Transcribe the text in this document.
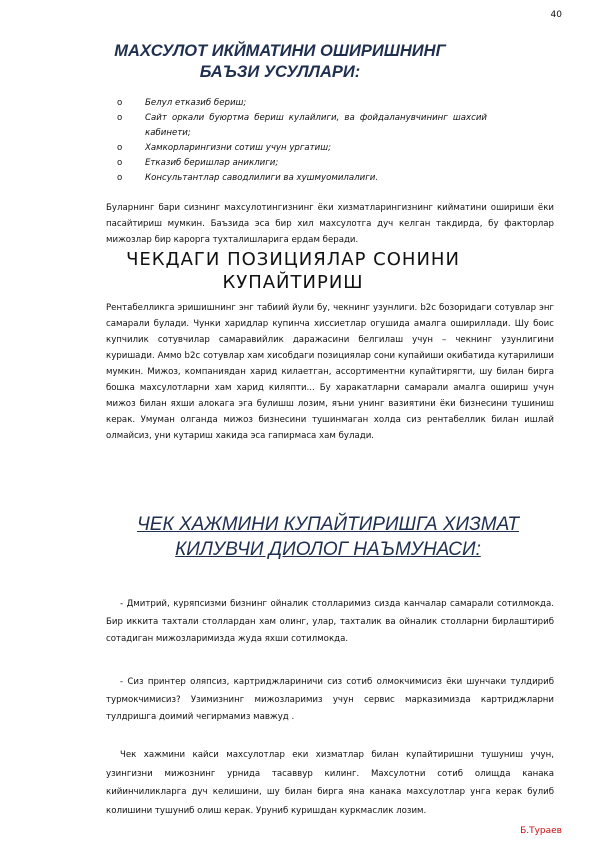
40
МАХСУЛОТ ИКЙМАТИНИ ОШИРИШНИНГ БАЪЗИ УСУЛЛАРИ:
o	Белул етказиб бериш;
o	Сайт оркали буюртма бериш кулайлиги, ва фойдаланувчининг шахсий кабинети;
o	Хамкорларингизни сотиш учун ургатиш;
o	Етказиб беришлар аниклиги;
o	Консультантлар саводлилиги ва хушмуомилалиги.
Буларнинг бари сизнинг махсулотингизнинг ёки хизматларингизнинг кийматини ошириши ёки пасайтириш мумкин. Баъзида эса бир хил махсулотга дуч келган такдирда, бу факторлар мижозлар бир карорга тухталишларига ердам беради.
ЧЕКДАГИ ПОЗИЦИЯЛАР СОНИНИ КУПАЙТИРИШ
Рентабелликга эришишнинг энг табиий йули бу, чекнинг узунлиги. b2c бозоридаги сотувлар энг самарали булади. Чунки харидлар купинча хиссиетлар огушида амалга ошириллади. Шу боис купчилик сотувчилар самаравийлик даражасини белгилаш учун – чекнинг узунлигини куришади. Аммо b2c сотувлар хам хисобдаги позициялар сони купайиши окибатида кутарилиши мумкин. Мижоз, компаниядан харид килаетган, ассортиментни купайтирягти, шу билан бирга бошка махсулотларни хам харид киляпти... Бу харакатларни самарали амалга ошириш учун мижоз билан яхши алокага эга булишш лозим, яъни унинг вазиятини ёки бизнесини тушиниш керак. Умуман олганда мижоз бизнесини тушинмаган холда сиз рентабеллик билан ишлай олмайсиз, уни кутариш хакида эса гапирмаса хам булади.
ЧЕК ХАЖМИНИ КУПАЙТИРИШГА ХИЗМАТ КИЛУВЧИ ДИОЛОГ НАЪМУНАСИ:
- Дмитрий, куряпсизми бизнинг ойналик столларимиз сизда канчалар самарали сотилмокда. Бир иккита тахтали столлардан хам олинг, улар, тахталик ва ойналик столларни бирлаштириб сотадиган мижозларимизда жуда яхши сотилмокда.
- Сиз принтер оляпсиз, картриджлариничи сиз сотиб олмокчимисиз ёки шунчаки тулдириб турмокчимисиз? Узимизнинг мижозларимиз учун сервис марказимизда картриджларни тулдришга доимий чегирмамиз мавжуд .
Чек хажмини кайси махсулотлар еки хизматлар билан купайтиришни тушуниш учун, узингизни мижознинг урнида тасаввур килинг. Махсулотни сотиб олищда канака кийинчиликларга дуч келишини, шу билан бирга яна канака махсулотлар унга керак булиб колишини тушуниб олиш керак. Уруниб куришдан куркмаслик лозим.
Б.Тураев
